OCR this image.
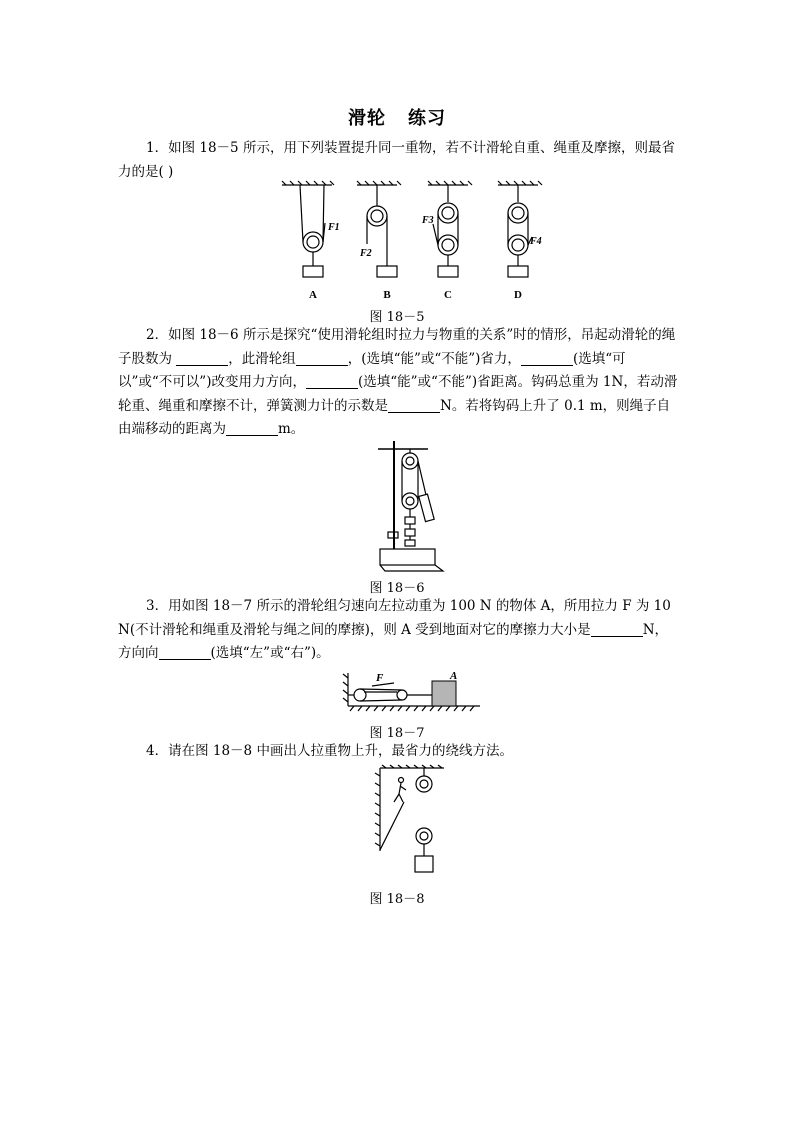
滑轮 练习
1．如图 18－5 所示，用下列装置提升同一重物，若不计滑轮自重、绳重及摩擦，则最省力的是( )
F1
F2
F3
F4
A	B	C	D
图 18－5
2．如图 18－6 所示是探究“使用滑轮组时拉力与物重的关系”时的情形，吊起动滑轮的绳子股数为	，此滑轮组	，(选填“能”或“不能”)省力，	(选填“可以”或“不可以”)改变用力方向，	(选填“能”或“不能”)省距离。钩码总重为 1N，若动滑轮重、绳重和摩擦不计，弹簧测力计的示数是	N。若将钩码上升了 0.1 m，则绳子自由端移动的距离为	m。
图 18－6
3．用如图 18－7 所示的滑轮组匀速向左拉动重为 100 N 的物体 A，所用拉力 F 为 10 N(不计滑轮和绳重及滑轮与绳之间的摩擦)，则 A 受到地面对它的摩擦力大小是	N，方向向	(选填“左”或“右”)。
F	A
图 18－7
4．请在图 18－8 中画出人拉重物上升，最省力的绕线方法。
图 18－8
